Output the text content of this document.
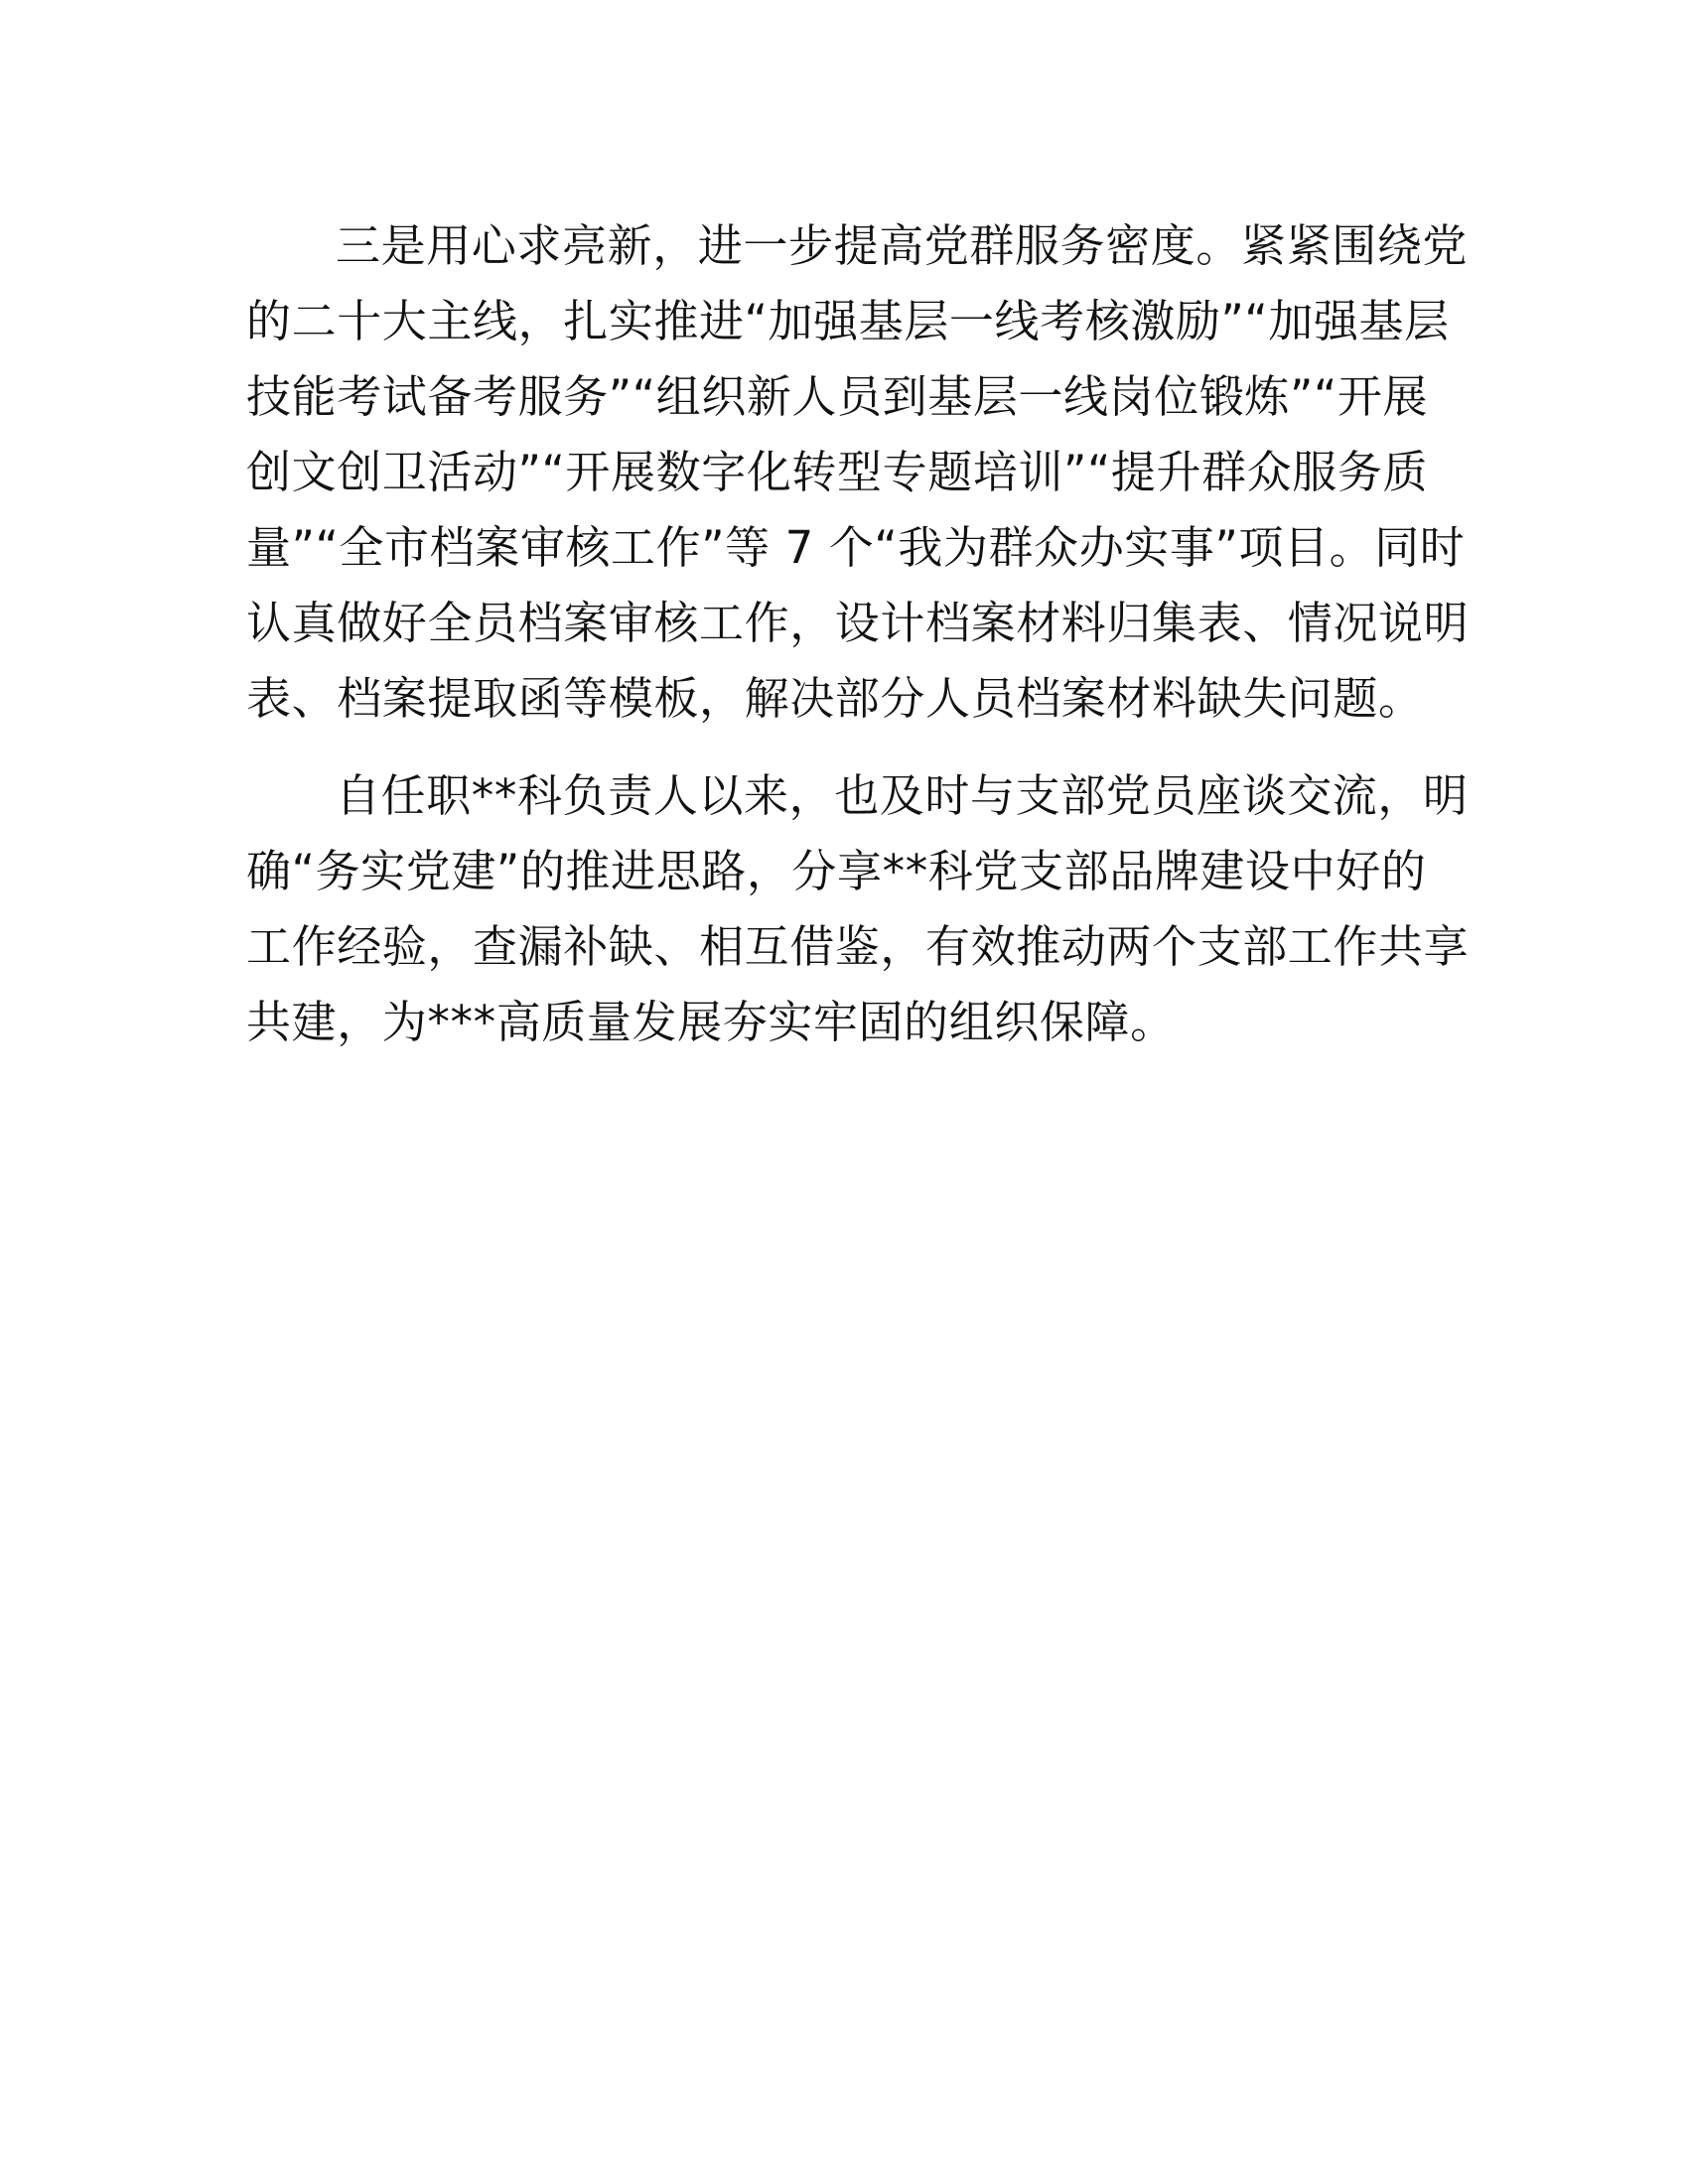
三是用心求亮新，进一步提高党群服务密度。紧紧围绕党
的二十大主线，扎实推进“加强基层一线考核激励”“加强基层
技能考试备考服务”“组织新人员到基层一线岗位锻炼”“开展
创文创卫活动”“开展数字化转型专题培训”“提升群众服务质
量”“全市档案审核工作”等 7 个“我为群众办实事”项目。同时
认真做好全员档案审核工作，设计档案材料归集表、情况说明
表、档案提取函等模板，解决部分人员档案材料缺失问题。

自任职**科负责人以来，也及时与支部党员座谈交流，明
确“务实党建”的推进思路，分享**科党支部品牌建设中好的
工作经验，查漏补缺、相互借鉴，有效推动两个支部工作共享
共建，为***高质量发展夯实牢固的组织保障。
